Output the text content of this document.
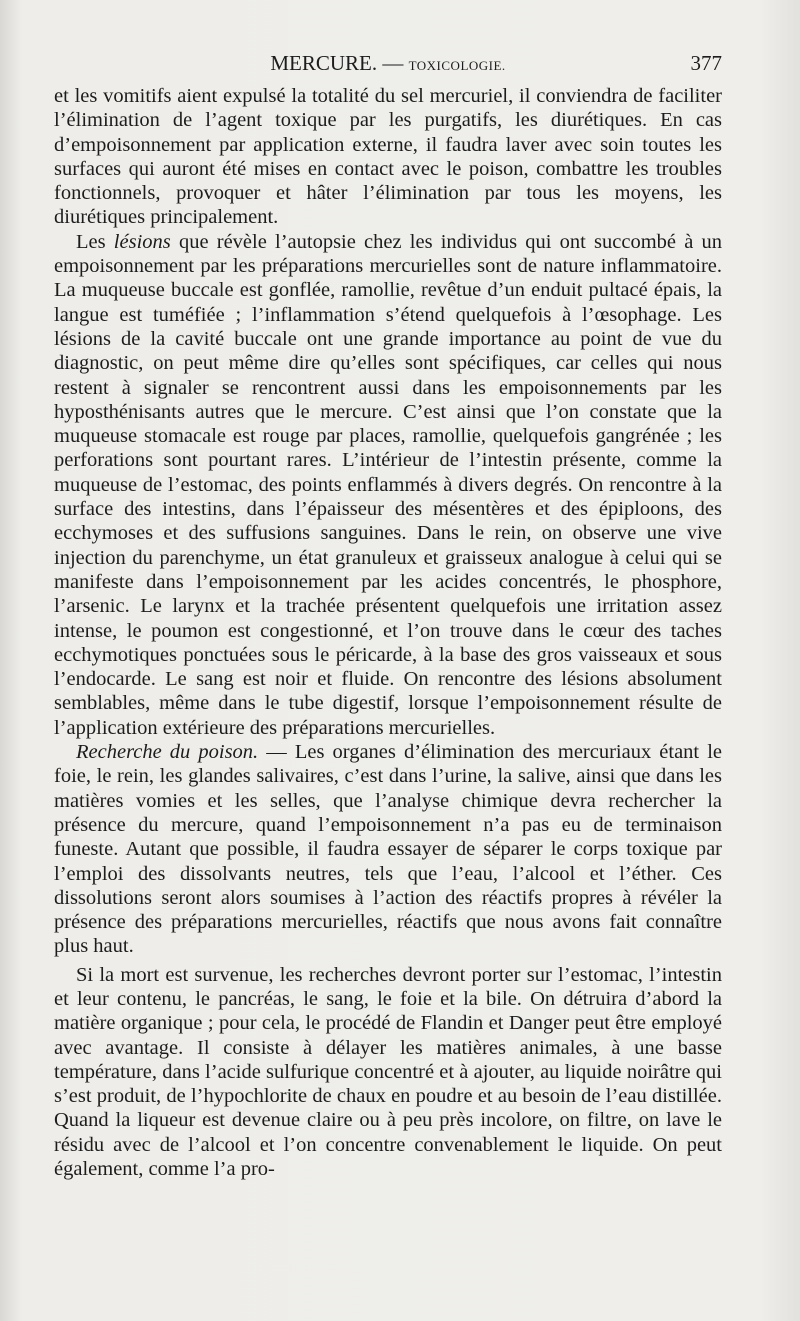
MERCURE. — TOXICOLOGIE.	377

et les vomitifs aient expulsé la totalité du sel mercuriel, il conviendra de faciliter l’élimination de l’agent toxique par les purgatifs, les diurétiques. En cas d’empoisonnement par application externe, il faudra laver avec soin toutes les surfaces qui auront été mises en contact avec le poison, combattre les troubles fonctionnels, provoquer et hâter l’élimination par tous les moyens, les diurétiques principalement.

Les lésions que révèle l’autopsie chez les individus qui ont succombé à un empoisonnement par les préparations mercurielles sont de nature inflammatoire. La muqueuse buccale est gonflée, ramollie, revêtue d’un enduit pultacé épais, la langue est tuméfiée ; l’inflammation s’étend quelquefois à l’œsophage. Les lésions de la cavité buccale ont une grande importance au point de vue du diagnostic, on peut même dire qu’elles sont spécifiques, car celles qui nous restent à signaler se rencontrent aussi dans les empoisonnements par les hyposthénisants autres que le mercure. C’est ainsi que l’on constate que la muqueuse stomacale est rouge par places, ramollie, quelquefois gangrénée ; les perforations sont pourtant rares. L’intérieur de l’intestin présente, comme la muqueuse de l’estomac, des points enflammés à divers degrés. On rencontre à la surface des intestins, dans l’épaisseur des mésentères et des épiploons, des ecchymoses et des suffusions sanguines. Dans le rein, on observe une vive injection du parenchyme, un état granuleux et graisseux analogue à celui qui se manifeste dans l’empoisonnement par les acides concentrés, le phosphore, l’arsenic. Le larynx et la trachée présentent quelquefois une irritation assez intense, le poumon est congestionné, et l’on trouve dans le cœur des taches ecchymotiques ponctuées sous le péricarde, à la base des gros vaisseaux et sous l’endocarde. Le sang est noir et fluide. On rencontre des lésions absolument semblables, même dans le tube digestif, lorsque l’empoisonnement résulte de l’application extérieure des préparations mercurielles.

Recherche du poison. — Les organes d’élimination des mercuriaux étant le foie, le rein, les glandes salivaires, c’est dans l’urine, la salive, ainsi que dans les matières vomies et les selles, que l’analyse chimique devra rechercher la présence du mercure, quand l’empoisonnement n’a pas eu de terminaison funeste. Autant que possible, il faudra essayer de séparer le corps toxique par l’emploi des dissolvants neutres, tels que l’eau, l’alcool et l’éther. Ces dissolutions seront alors soumises à l’action des réactifs propres à révéler la présence des préparations mercurielles, réactifs que nous avons fait connaître plus haut.

Si la mort est survenue, les recherches devront porter sur l’estomac, l’intestin et leur contenu, le pancréas, le sang, le foie et la bile. On détruira d’abord la matière organique ; pour cela, le procédé de Flandin et Danger peut être employé avec avantage. Il consiste à délayer les matières animales, à une basse température, dans l’acide sulfurique concentré et à ajouter, au liquide noirâtre qui s’est produit, de l’hypochlorite de chaux en poudre et au besoin de l’eau distillée. Quand la liqueur est devenue claire ou à peu près incolore, on filtre, on lave le résidu avec de l’alcool et l’on concentre convenablement le liquide. On peut également, comme l’a pro-
